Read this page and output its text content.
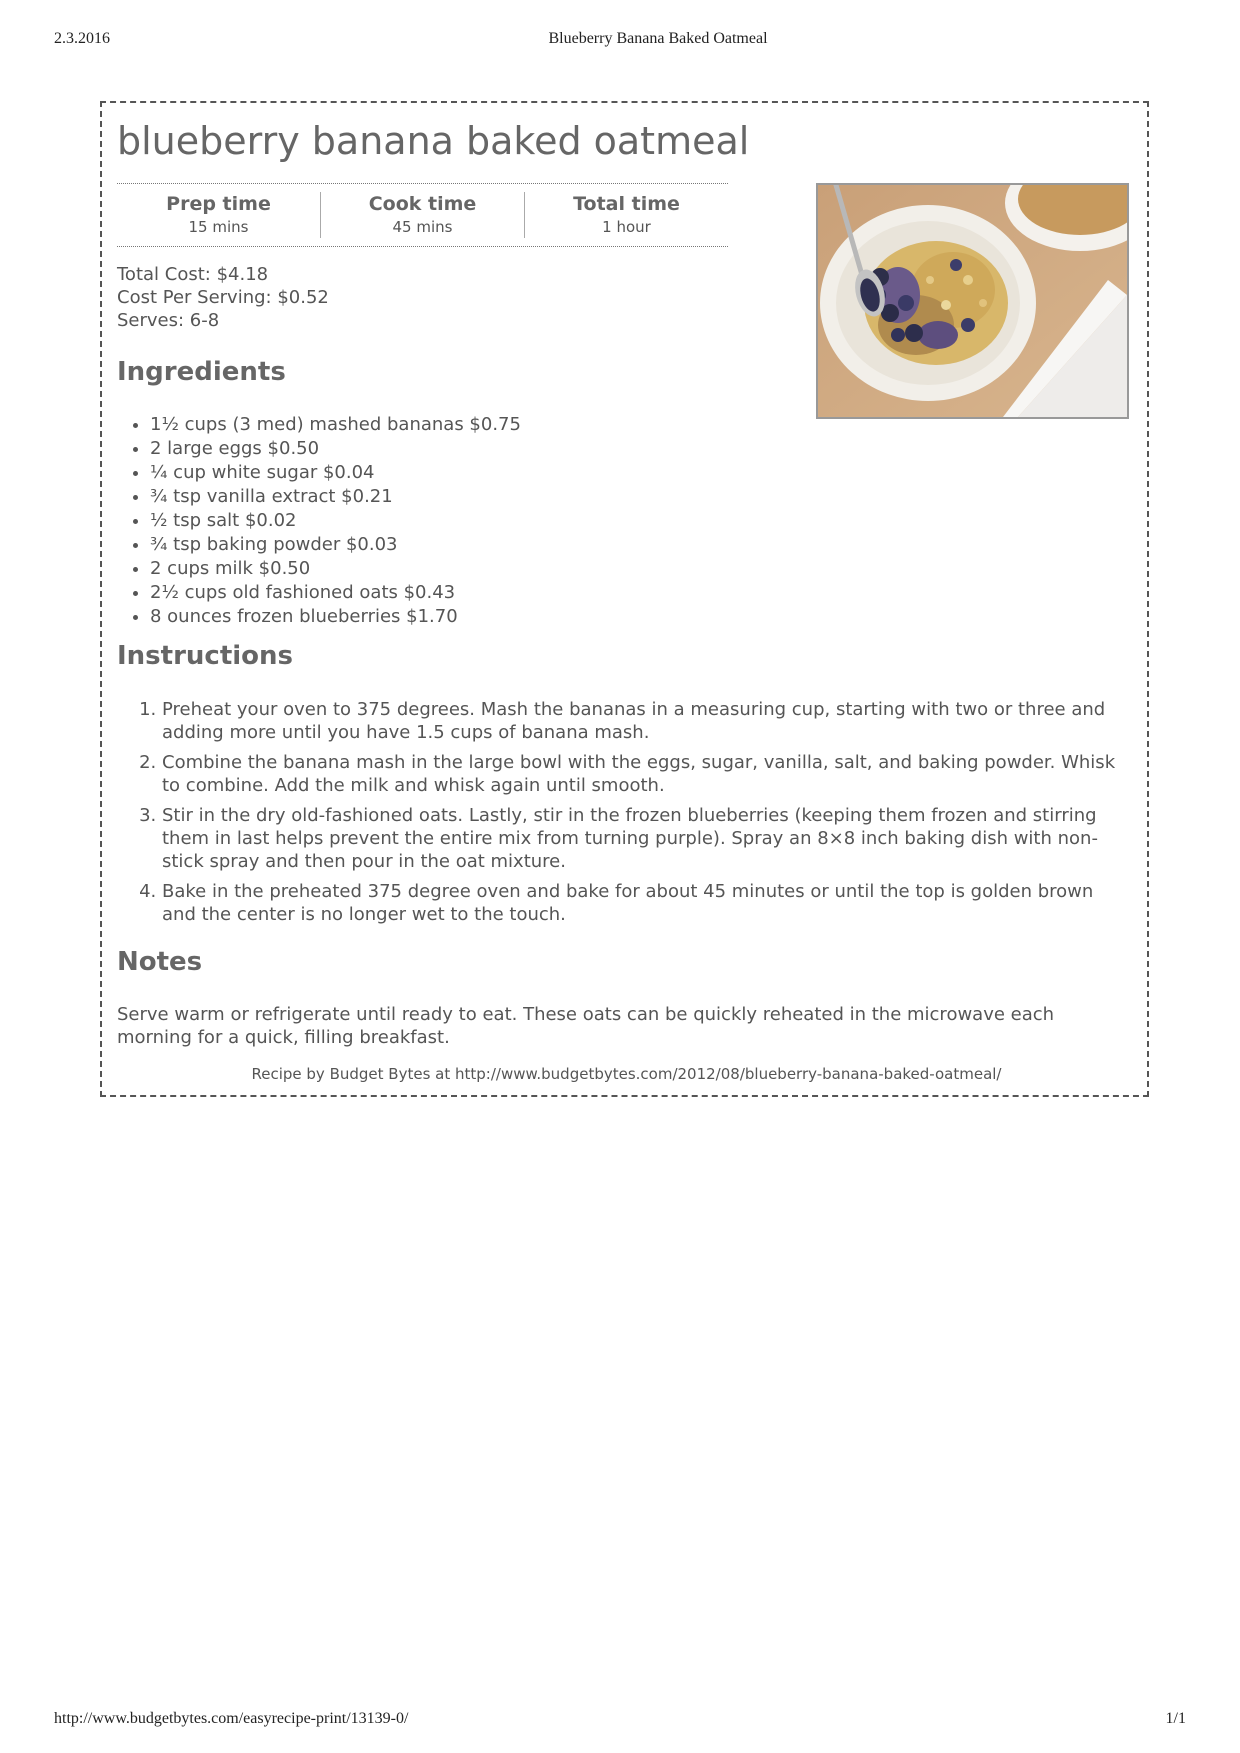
2.3.2016	Blueberry Banana Baked Oatmeal
blueberry banana baked oatmeal
Prep time
15 mins
Cook time
45 mins
Total time
1 hour
Total Cost: $4.18
Cost Per Serving: $0.52
Serves: 6-8
Ingredients
• 1½ cups (3 med) mashed bananas $0.75
• 2 large eggs $0.50
• ¼ cup white sugar $0.04
• ¾ tsp vanilla extract $0.21
• ½ tsp salt $0.02
• ¾ tsp baking powder $0.03
• 2 cups milk $0.50
• 2½ cups old fashioned oats $0.43
• 8 ounces frozen blueberries $1.70
Instructions
1. Preheat your oven to 375 degrees. Mash the bananas in a measuring cup, starting with two or three and adding more until you have 1.5 cups of banana mash.
2. Combine the banana mash in the large bowl with the eggs, sugar, vanilla, salt, and baking powder. Whisk to combine. Add the milk and whisk again until smooth.
3. Stir in the dry old-fashioned oats. Lastly, stir in the frozen blueberries (keeping them frozen and stirring them in last helps prevent the entire mix from turning purple). Spray an 8×8 inch baking dish with non-stick spray and then pour in the oat mixture.
4. Bake in the preheated 375 degree oven and bake for about 45 minutes or until the top is golden brown and the center is no longer wet to the touch.
Notes

Serve warm or refrigerate until ready to eat. These oats can be quickly reheated in the microwave each morning for a quick, filling breakfast.

Recipe by Budget Bytes at http://www.budgetbytes.com/2012/08/blueberry-banana-baked-oatmeal/
http://www.budgetbytes.com/easyrecipe-print/13139-0/	1/1
